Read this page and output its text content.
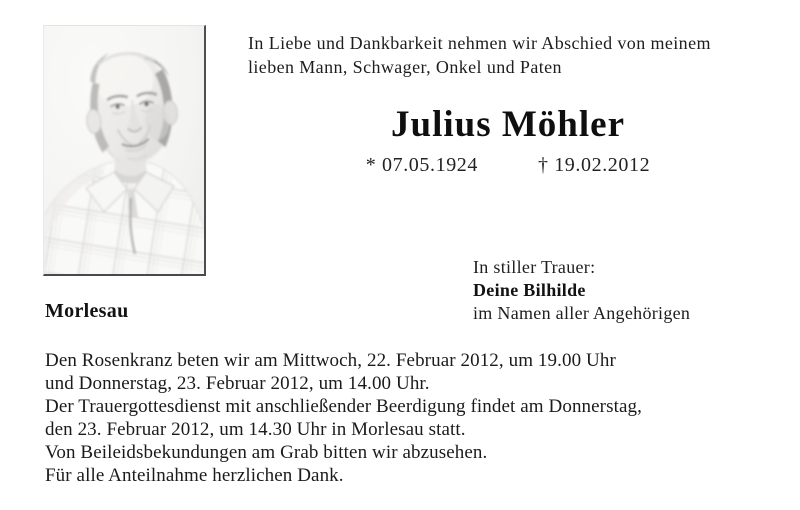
In Liebe und Dankbarkeit nehmen wir Abschied von meinem
lieben Mann, Schwager, Onkel und Paten
Julius Möhler
* 07.05.1924	† 19.02.2012
In stiller Trauer:
Deine Bilhilde
im Namen aller Angehörigen
Morlesau
Den Rosenkranz beten wir am Mittwoch, 22. Februar 2012, um 19.00 Uhr
und Donnerstag, 23. Februar 2012, um 14.00 Uhr.
Der Trauergottesdienst mit anschließender Beerdigung findet am Donnerstag,
den 23. Februar 2012, um 14.30 Uhr in Morlesau statt.
Von Beileidsbekundungen am Grab bitten wir abzusehen.
Für alle Anteilnahme herzlichen Dank.
